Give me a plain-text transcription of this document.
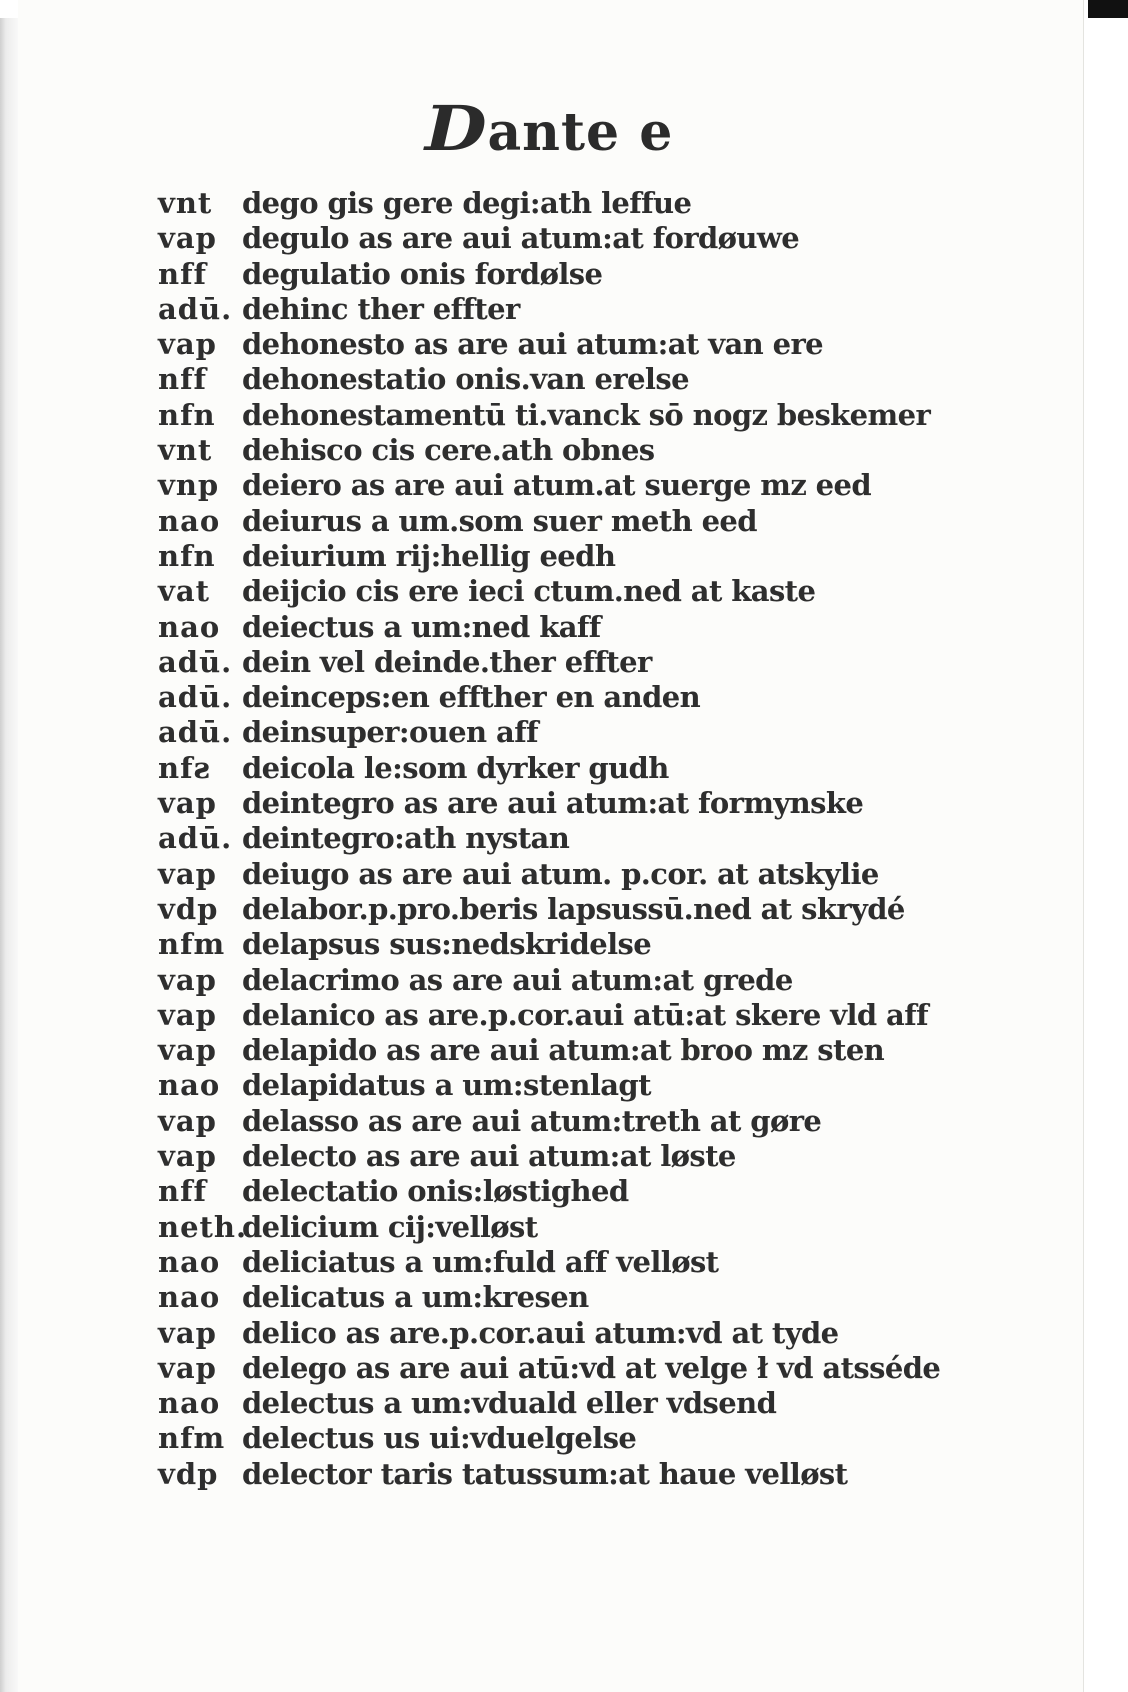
Dante e
vnt dego gis gere degi:ath leffue
vap degulo as are aui atum:at fordøuwe
nff degulatio onis fordølse
adū. dehinc ther effter
vap dehonesto as are aui atum:at van ere
nff dehonestatio onis.van erelse
nfn dehonestamentū ti.vanck sō nogz beskemer
vnt dehisco cis cere.ath obnes
vnp deiero as are aui atum.at suerge mz eed
nao deiurus a um.som suer meth eed
nfn deiurium rij:hellig eedh
vat deijcio cis ere ieci ctum.ned at kaste
nao deiectus a um:ned kaff
adū. dein vel deinde.ther effter
adū. deinceps:en effther en anden
adū. deinsuper:ouen aff
nfƨ deicola le:som dyrker gudh
vap deintegro as are aui atum:at formynske
adū. deintegro:ath nystan
vap deiugo as are aui atum. p.cor. at atskylie
vdp delabor.p.pro.beris lapsussū.ned at skrydé
nfm delapsus sus:nedskridelse
vap delacrimo as are aui atum:at grede
vap delanico as are.p.cor.aui atū:at skere vld aff
vap delapido as are aui atum:at broo mz sten
nao delapidatus a um:stenlagt
vap delasso as are aui atum:treth at gøre
vap delecto as are aui atum:at løste
nff delectatio onis:løstighed
neth.delicium cij:velløst
nao deliciatus a um:fuld aff velløst
nao delicatus a um:kresen
vap delico as are.p.cor.aui atum:vd at tyde
vap delego as are aui atū:vd at velge ł vd atsséde
nao delectus a um:vduald eller vdsend
nfm delectus us ui:vduelgelse
vdp delector taris tatussum:at haue velløst
